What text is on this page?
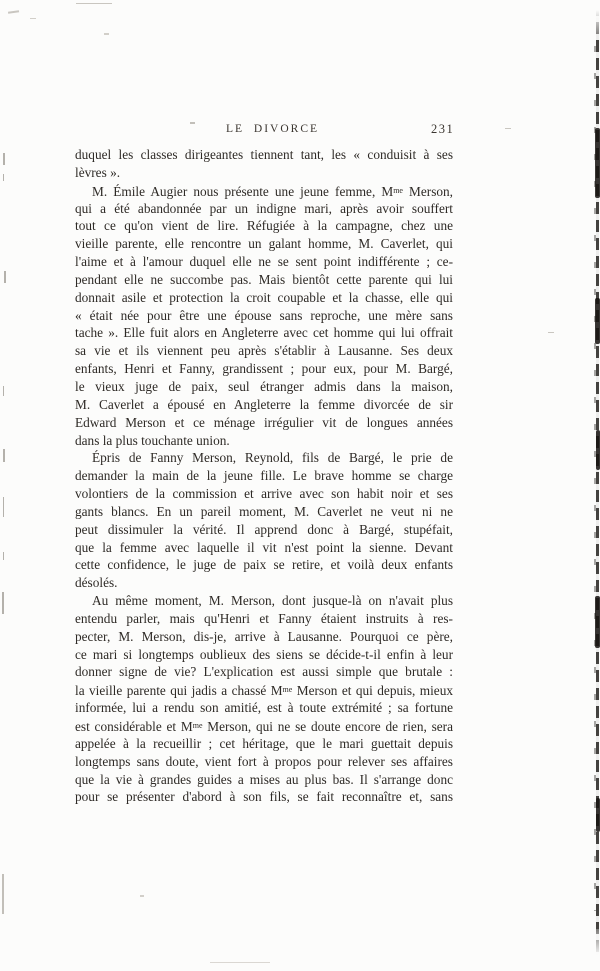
LE DIVORCE	231
duquel les classes dirigeantes tiennent tant, les « conduisit à ses
lèvres ».
M. Émile Augier nous présente une jeune femme, $M^{me}$ Merson,
qui a été abandonnée par un indigne mari, après avoir souffert
tout ce qu'on vient de lire. Réfugiée à la campagne, chez une
vieille parente, elle rencontre un galant homme, M. Caverlet, qui
l'aime et à l'amour duquel elle ne se sent point indifférente ; ce-
pendant elle ne succombe pas. Mais bientôt cette parente qui lui
donnait asile et protection la croit coupable et la chasse, elle qui
« était née pour être une épouse sans reproche, une mère sans
tache ». Elle fuit alors en Angleterre avec cet homme qui lui offrait
sa vie et ils viennent peu après s'établir à Lausanne. Ses deux
enfants, Henri et Fanny, grandissent ; pour eux, pour M. Bargé,
le vieux juge de paix, seul étranger admis dans la maison,
M. Caverlet a épousé en Angleterre la femme divorcée de sir
Edward Merson et ce ménage irrégulier vit de longues années
dans la plus touchante union.
Épris de Fanny Merson, Reynold, fils de Bargé, le prie de
demander la main de la jeune fille. Le brave homme se charge
volontiers de la commission et arrive avec son habit noir et ses
gants blancs. En un pareil moment, M. Caverlet ne veut ni ne
peut dissimuler la vérité. Il apprend donc à Bargé, stupéfait,
que la femme avec laquelle il vit n'est point la sienne. Devant
cette confidence, le juge de paix se retire, et voilà deux enfants
désolés.
Au même moment, M. Merson, dont jusque-là on n'avait plus
entendu parler, mais qu'Henri et Fanny étaient instruits à res-
pecter, M. Merson, dis-je, arrive à Lausanne. Pourquoi ce père,
ce mari si longtemps oublieux des siens se décide-t-il enfin à leur
donner signe de vie? L'explication est aussi simple que brutale :
la vieille parente qui jadis a chassé $M^{me}$ Merson et qui depuis, mieux
informée, lui a rendu son amitié, est à toute extrémité ; sa fortune
est considérable et $M^{me}$ Merson, qui ne se doute encore de rien, sera
appelée à la recueillir ; cet héritage, que le mari guettait depuis
longtemps sans doute, vient fort à propos pour relever ses affaires
que la vie à grandes guides a mises au plus bas. Il s'arrange donc
pour se présenter d'abord à son fils, se fait reconnaître et, sans
